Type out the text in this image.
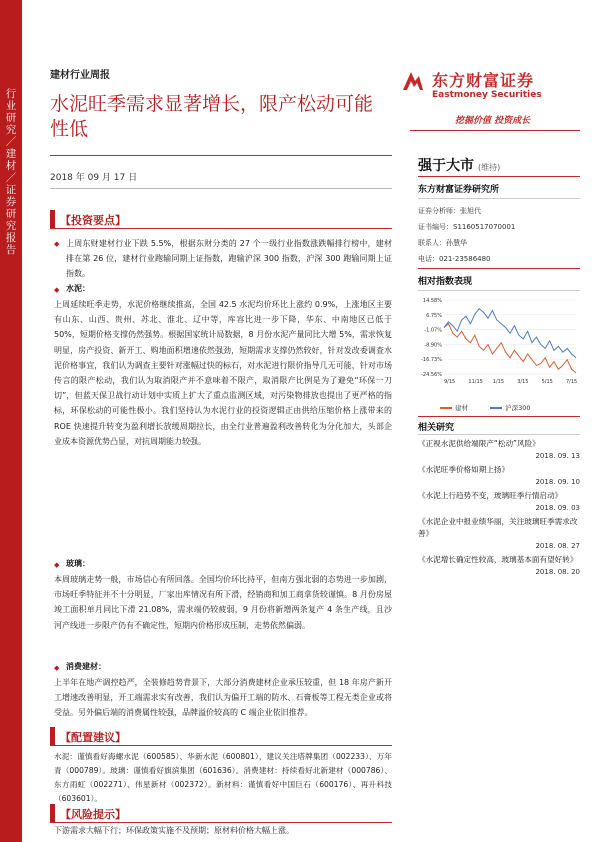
行业研究／建材／证券研究报告
建材行业周报
水泥旺季需求显著增长，限产松动可能性低
2018 年 09 月 17 日
东方财富证券
Eastmoney Securities
挖掘价值 投资成长
强于大市 (维持)
东方财富证券研究所
证券分析师：张旭代
证书编号：S1160517070001
联系人：孙慧华
电话：021-23586480
相对指数表现
14.58%
6.75%
-1.07%
-8.90%
-16.73%
-24.56%
9/15	11/15 1/15	3/15	5/15	7/15
建材	沪深300
相关研究
《正视水泥供给端限产“松动”风险》
2018. 09. 13
《水泥旺季价格如期上扬》
2018. 09. 10
《水泥上行趋势不变，玻璃旺季行情启动》
2018. 09. 03
《水泥企业中报业绩华丽，关注玻璃旺季需求改善》
2018. 08. 27
《水泥增长确定性较高，玻璃基本面有望好转》
2018. 08. 20
【投资要点】
◆ 上周东财建材行业下跌 5.5%，根据东财分类的 27 个一级行业指数涨跌幅排行榜中，建材排在第 26 位，建材行业跑输同期上证指数，跑输沪深 300 指数，沪深 300 跑输同期上证指数。
◆ 水泥：
上周延续旺季走势，水泥价格继续推高，全国 42.5 水泥均价环比上涨约 0.9%，上涨地区主要有山东、山西、贵州、苏北、淮北、辽中等，库容比进一步下降，华东、中南地区已低于 50%，短期价格支撑仍然强势。根据国家统计局数据，8 月份水泥产量同比大增 5%，需求恢复明显，房产投资、新开工、购地面积增速依然强劲，短期需求支撑仍然较好，针对发改委调查水泥价格事宜，我们认为调查主要针对涨幅过快的标石，对水泥进行限价指导几无可能，针对市场传言的限产松动，我们认为取消限产并不意味着不限产，取消限产比例是为了避免“环保一刀切”，但蓝天保卫战行动计划中实质上扩大了重点监测区域，对污染物排放也提出了更严格的指标，环保松动的可能性极小。我们坚持认为水泥行业的投资逻辑正由供给压缩价格上涨带来的 ROE 快速提升转变为盈利增长放缓周期拉长，由全行业普遍盈利改善转化为分化加大，头部企业成本资源优势凸显，对抗周期能力较强。
◆ 玻璃：
本周玻璃走势一般，市场信心有所回落。全国均价环比持平，但南方强北弱的态势进一步加剧，市场旺季特征并不十分明显，厂家出库情况有所下滑，经销商和加工商拿货较谨慎。8 月份房屋竣工面积单月同比下滑 21.08%，需求端仍较疲弱，9 月份将新增两条复产 4 条生产线，且沙河产线进一步限产仍有不确定性，短期内价格形成压制，走势依然偏弱。
◆ 消费建材：
上半年在地产调控趋严，全装修趋势背景下，大部分消费建材企业承压较重，但 18 年房产新开工增速改善明显，开工端需求实有改善，我们认为偏开工端的防水、石膏板等工程无类企业或将受益。另外偏后端的消费属性较强，品牌溢价较高的 C 端企业依旧推荐。
【配置建议】
水泥：谨慎看好海螺水泥（600585）、华新水泥（600801），建议关注塔牌集团（002233）、万年青（000789）。玻璃：谨慎看好旗滨集团（601636）。消费建材：持续看好北新建材（000786）、东方雨虹（002271）、伟星新材（002372）。新材料：谨慎看好中国巨石（600176）、再升科技（603601）。
【风险提示】
下游需求大幅下行；环保政策实施不及预期；原材料价格大幅上涨。
